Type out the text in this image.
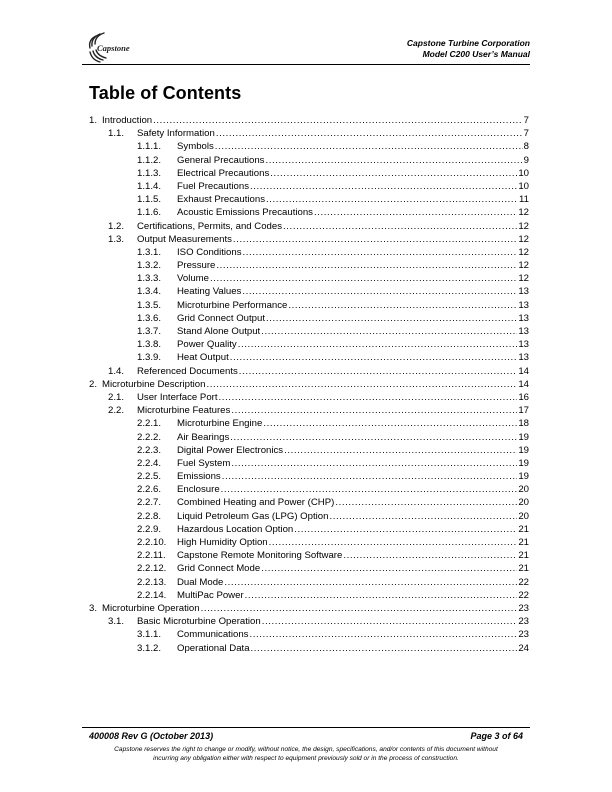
Capstone	Capstone Turbine Corporation
Model C200 User’s Manual
Table of Contents
1. Introduction .....	7
1.1. Safety Information .....	7
1.1.1. Symbols .....	8
1.1.2. General Precautions .....	9
1.1.3. Electrical Precautions .....	10
1.1.4. Fuel Precautions .....	10
1.1.5. Exhaust Precautions .....	11
1.1.6. Acoustic Emissions Precautions .....	12
1.2. Certifications, Permits, and Codes .....	12
1.3. Output Measurements .....	12
1.3.1. ISO Conditions .....	12
1.3.2. Pressure .....	12
1.3.3. Volume .....	12
1.3.4. Heating Values .....	13
1.3.5. Microturbine Performance .....	13
1.3.6. Grid Connect Output .....	13
1.3.7. Stand Alone Output .....	13
1.3.8. Power Quality .....	13
1.3.9. Heat Output .....	13
1.4. Referenced Documents .....	14
2. Microturbine Description .....	14
2.1. User Interface Port .....	16
2.2. Microturbine Features .....	17
2.2.1. Microturbine Engine .....	18
2.2.2. Air Bearings .....	19
2.2.3. Digital Power Electronics .....	19
2.2.4. Fuel System .....	19
2.2.5. Emissions .....	19
2.2.6. Enclosure .....	20
2.2.7. Combined Heating and Power (CHP) .....	20
2.2.8. Liquid Petroleum Gas (LPG) Option .....	20
2.2.9. Hazardous Location Option .....	21
2.2.10. High Humidity Option .....	21
2.2.11. Capstone Remote Monitoring Software .....	21
2.2.12. Grid Connect Mode .....	21
2.2.13. Dual Mode .....	22
2.2.14. MultiPac Power .....	22
3. Microturbine Operation .....	23
3.1. Basic Microturbine Operation .....	23
3.1.1. Communications .....	23
3.1.2. Operational Data .....	24
400008 Rev G (October 2013)	Page 3 of 64
Capstone reserves the right to change or modify, without notice, the design, specifications, and/or contents of this document without
incurring any obligation either with respect to equipment previously sold or in the process of construction.
